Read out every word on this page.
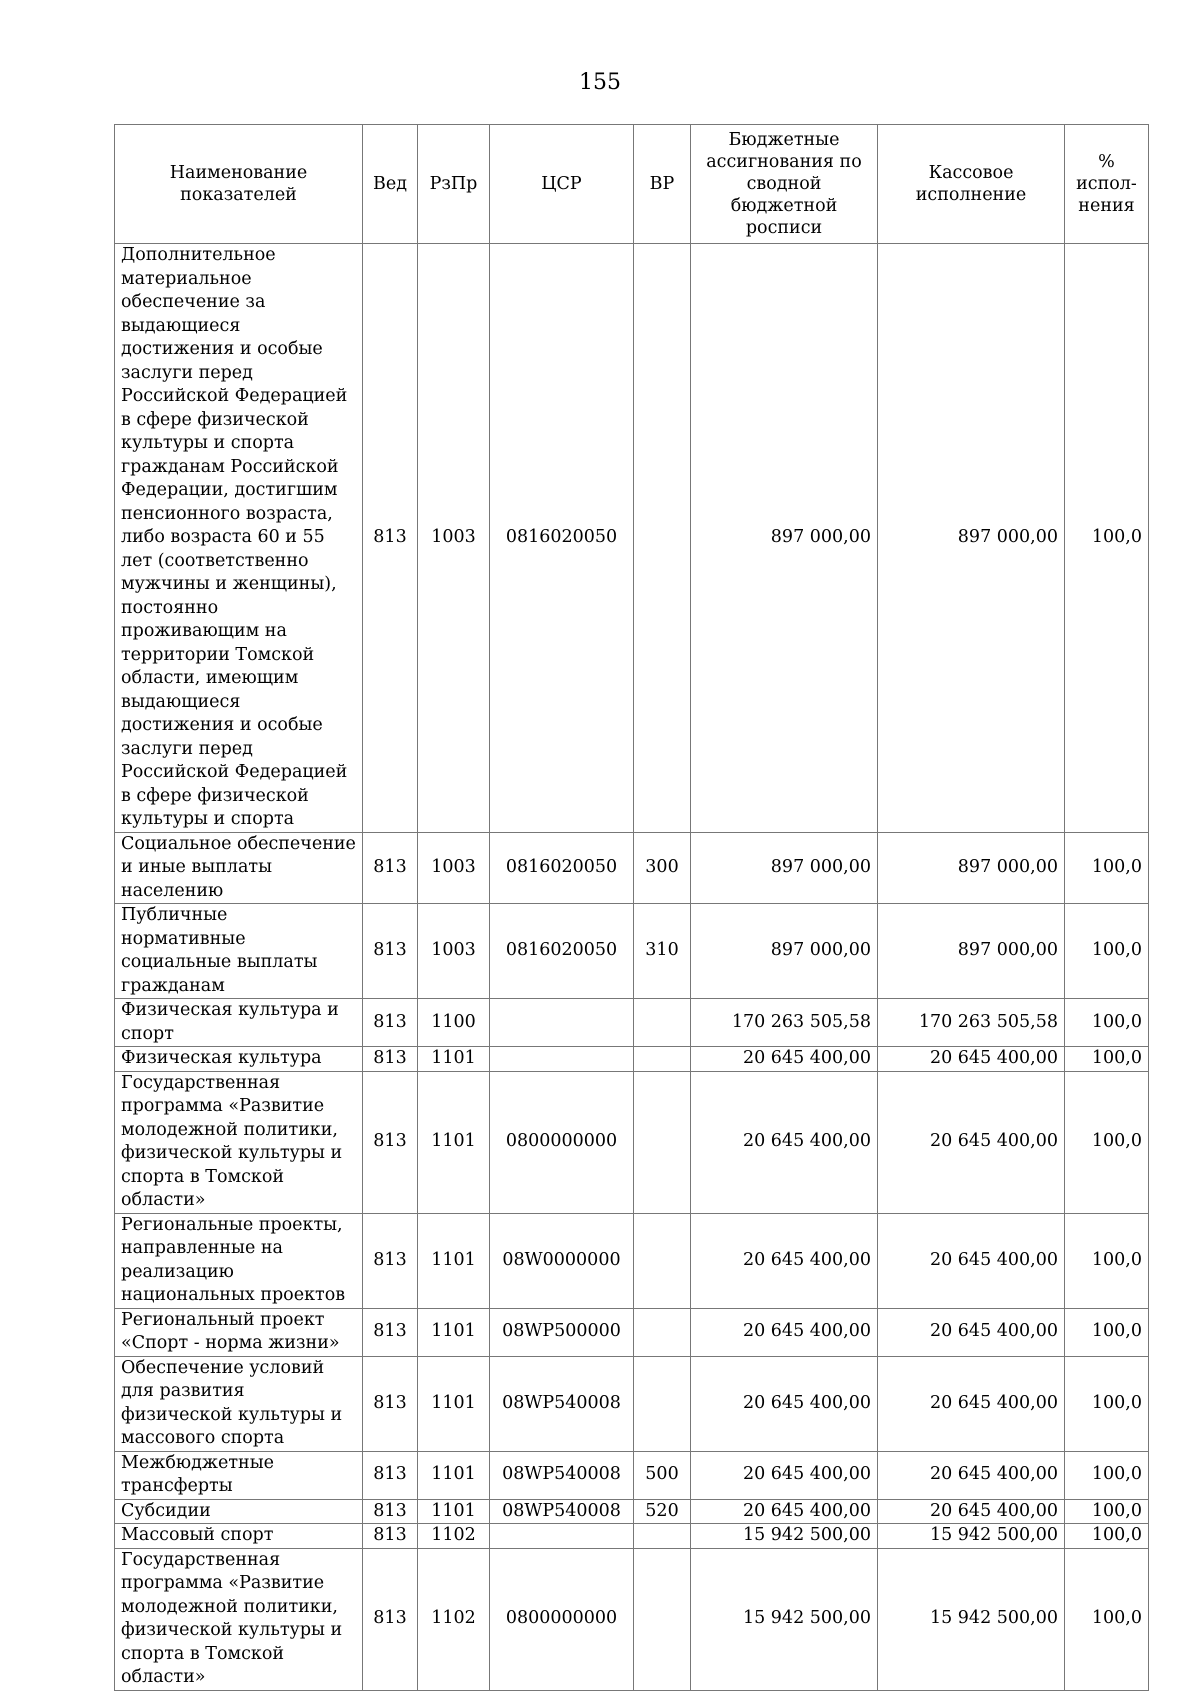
155
Наименование показателей	Вед	РзПр	ЦСР	ВР	Бюджетные ассигнования по сводной бюджетной росписи	Кассовое исполнение	% испол-нения
Дополнительное материальное обеспечение за выдающиеся достижения и особые заслуги перед Российской Федерацией в сфере физической культуры и спорта гражданам Российской Федерации, достигшим пенсионного возраста, либо возраста 60 и 55 лет (соответственно мужчины и женщины), постоянно проживающим на территории Томской области, имеющим выдающиеся достижения и особые заслуги перед Российской Федерацией в сфере физической культуры и спорта	813	1003	0816020050		897 000,00	897 000,00	100,0
Социальное обеспечение и иные выплаты населению	813	1003	0816020050	300	897 000,00	897 000,00	100,0
Публичные нормативные социальные выплаты гражданам	813	1003	0816020050	310	897 000,00	897 000,00	100,0
Физическая культура и спорт	813	1100			170 263 505,58	170 263 505,58	100,0
Физическая культура	813	1101			20 645 400,00	20 645 400,00	100,0
Государственная программа «Развитие молодежной политики, физической культуры и спорта в Томской области»	813	1101	0800000000		20 645 400,00	20 645 400,00	100,0
Региональные проекты, направленные на реализацию национальных проектов	813	1101	08W0000000		20 645 400,00	20 645 400,00	100,0
Региональный проект «Спорт - норма жизни»	813	1101	08WP500000		20 645 400,00	20 645 400,00	100,0
Обеспечение условий для развития физической культуры и массового спорта	813	1101	08WP540008		20 645 400,00	20 645 400,00	100,0
Межбюджетные трансферты	813	1101	08WP540008	500	20 645 400,00	20 645 400,00	100,0
Субсидии	813	1101	08WP540008	520	20 645 400,00	20 645 400,00	100,0
Массовый спорт	813	1102			15 942 500,00	15 942 500,00	100,0
Государственная программа «Развитие молодежной политики, физической культуры и спорта в Томской области»	813	1102	0800000000		15 942 500,00	15 942 500,00	100,0
